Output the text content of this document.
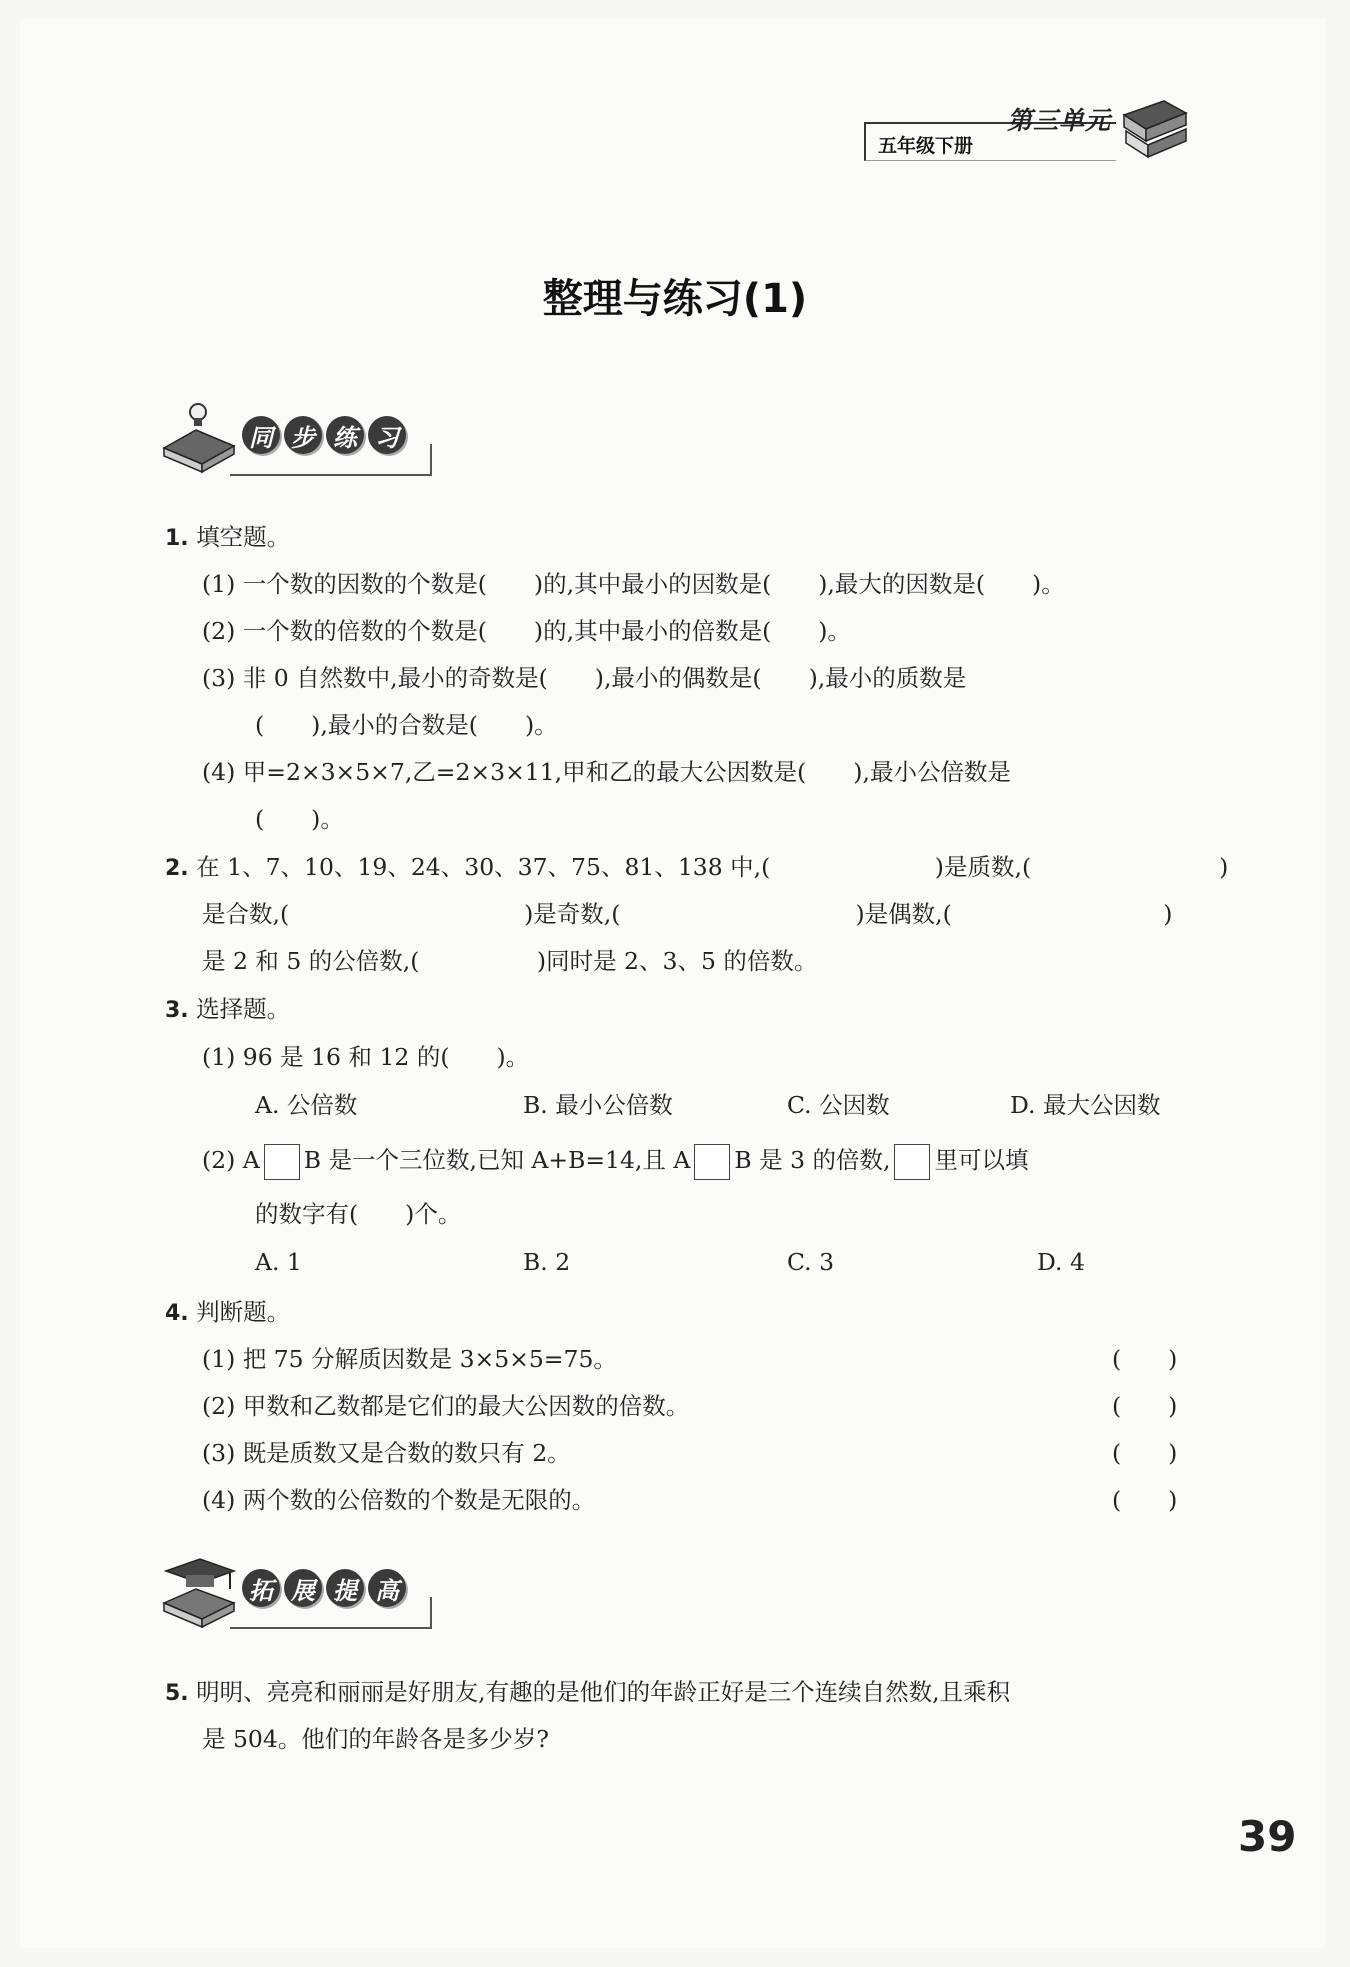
五年级下册
第三单元
整理与练习(1)
同 步 练 习
1. 填空题。
(1) 一个数的因数的个数是(　　)的,其中最小的因数是(　　),最大的因数是(　　)。
(2) 一个数的倍数的个数是(　　)的,其中最小的倍数是(　　)。
(3) 非 0 自然数中,最小的奇数是(　　),最小的偶数是(　　),最小的质数是
(　　),最小的合数是(　　)。
(4) 甲=2×3×5×7,乙=2×3×11,甲和乙的最大公因数是(　　),最小公倍数是
(　　)。
2. 在 1、7、10、19、24、30、37、75、81、138 中,(　　　　　　　)是质数,(　　　　　　　　)
是合数,(　　　　　　　　　　)是奇数,(　　　　　　　　　　)是偶数,(　　　　　　　　　)
是 2 和 5 的公倍数,(　　　　　)同时是 2、3、5 的倍数。
3. 选择题。
(1) 96 是 16 和 12 的(　　)。
A. 公倍数	B. 最小公倍数	C. 公因数	D. 最大公因数
(2) A B 是一个三位数,已知 A+B=14,且 A B 是 3 的倍数, 里可以填
的数字有(　　)个。
A. 1	B. 2	C. 3	D. 4
4. 判断题。
(1) 把 75 分解质因数是 3×5×5=75。	(　　)
(2) 甲数和乙数都是它们的最大公因数的倍数。	(　　)
(3) 既是质数又是合数的数只有 2。	(　　)
(4) 两个数的公倍数的个数是无限的。	(　　)
拓 展 提 高
5. 明明、亮亮和丽丽是好朋友,有趣的是他们的年龄正好是三个连续自然数,且乘积
是 504。他们的年龄各是多少岁?
39
